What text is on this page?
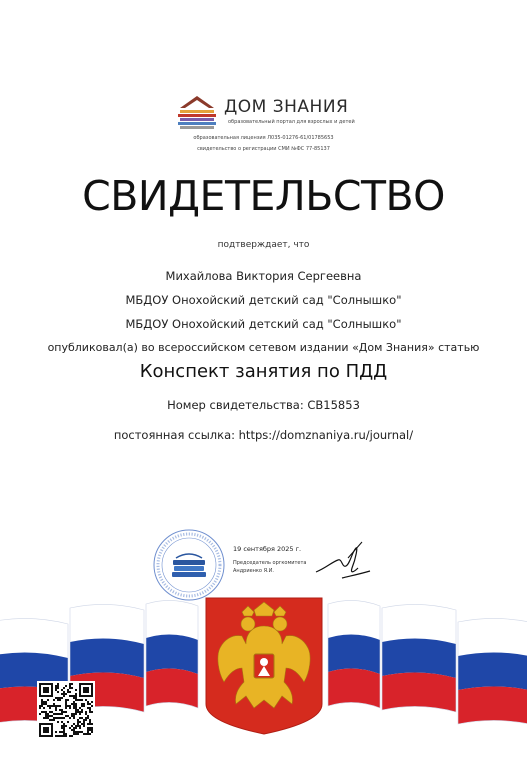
ДОМ ЗНАНИЯ
образовательный портал для взрослых и детей
образовательная лицензия Л035-01276-61/01785653
свидетельство о регистрации СМИ №ФС 77-85137
СВИДЕТЕЛЬСТВО
подтверждает, что
Михайлова Виктория Сергеевна
МБДОУ Онохойский детский сад "Солнышко"
МБДОУ Онохойский детский сад "Солнышко"
опубликовал(а) во всероссийском сетевом издании «Дом Знания» статью
Конспект занятия по ПДД
Номер свидетельства: СВ15853
постоянная ссылка: https://domznaniya.ru/journal/
19 сентября 2025 г.
Председатель оргкомитета
Андриенко Я.И.
